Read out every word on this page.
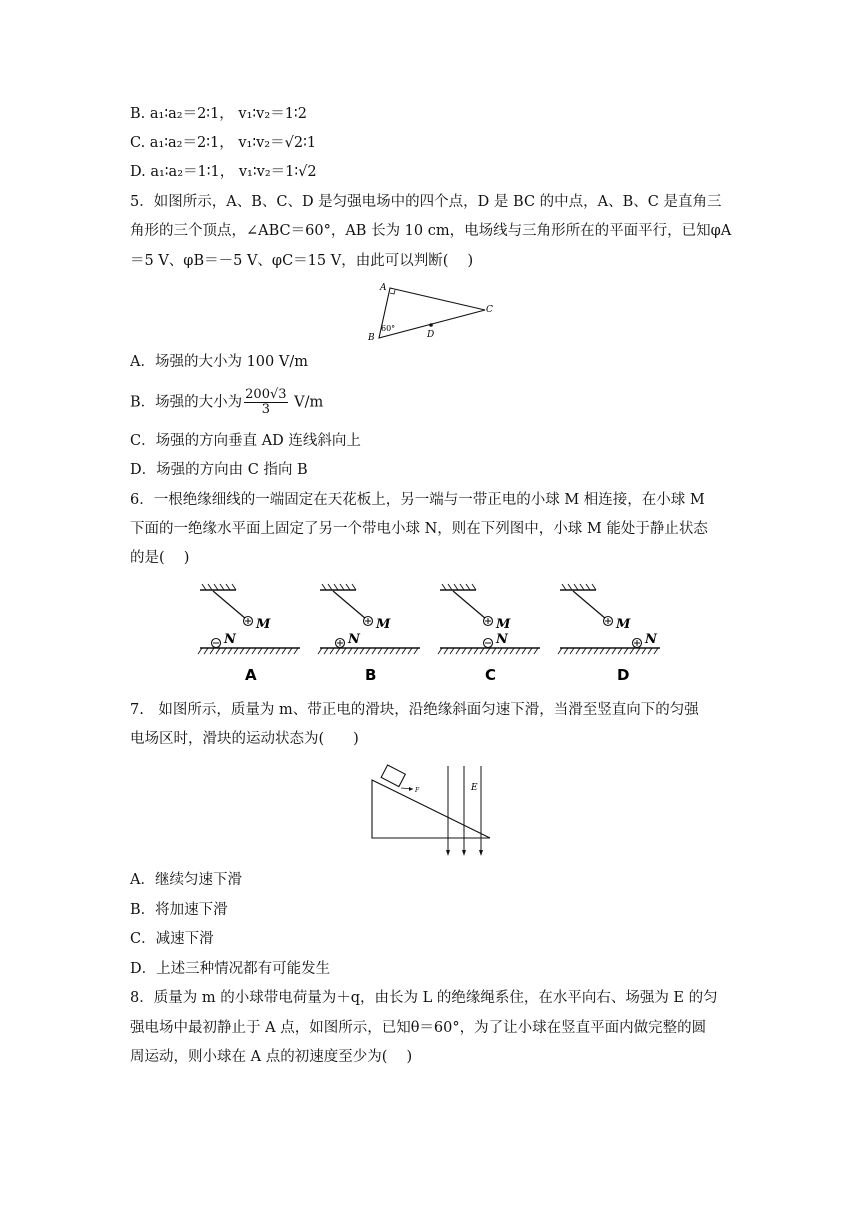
B. a₁∶a₂＝2∶1， v₁∶v₂＝1∶2
C. a₁∶a₂＝2∶1， v₁∶v₂＝√2∶1
D. a₁∶a₂＝1∶1， v₁∶v₂＝1∶√2
5．如图所示，A、B、C、D 是匀强电场中的四个点，D 是 BC 的中点，A、B、C 是直角三
角形的三个顶点，∠ABC＝60°，AB 长为 10 cm，电场线与三角形所在的平面平行，已知φA
＝5 V、φB＝－5 V、φC＝15 V，由此可以判断(　 )
A
B
C
D
60°
A．场强的大小为 100 V/m
B．场强的大小为 $\frac{200√3}{3} V/m$
C．场强的方向垂直 AD 连线斜向上
D．场强的方向由 C 指向 B
6．一根绝缘细线的一端固定在天花板上，另一端与一带正电的小球 M 相连接，在小球 M
下面的一绝缘水平面上固定了另一个带电小球 N，则在下列图中，小球 M 能处于静止状态
的是(　 )
M
N
A
M
N
B
M
N
C
M
N
D
7.　如图所示，质量为 m、带正电的滑块，沿绝缘斜面匀速下滑，当滑至竖直向下的匀强
电场区时，滑块的运动状态为(　　)
F	E
A．继续匀速下滑
B．将加速下滑
C．减速下滑
D．上述三种情况都有可能发生
8．质量为 m 的小球带电荷量为＋q，由长为 L 的绝缘绳系住，在水平向右、场强为 E 的匀
强电场中最初静止于 A 点，如图所示，已知θ＝60°，为了让小球在竖直平面内做完整的圆
周运动，则小球在 A 点的初速度至少为(　 )
